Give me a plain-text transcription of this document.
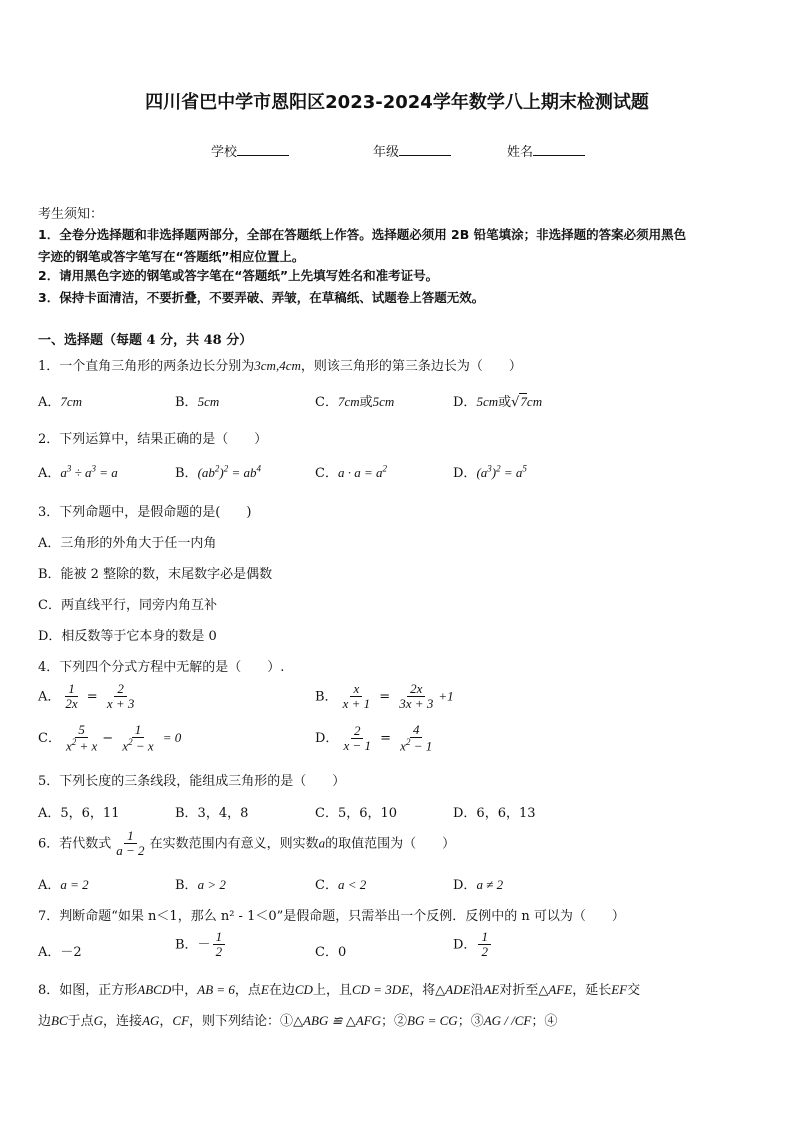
四川省巴中学市恩阳区2023-2024学年数学八上期末检测试题
学校	年级	姓名
考生须知：
1．全卷分选择题和非选择题两部分，全部在答题纸上作答。选择题必须用 2B 铅笔填涂；非选择题的答案必须用黑色
字迹的钢笔或答字笔写在“答题纸”相应位置上。
2．请用黑色字迹的钢笔或答字笔在“答题纸”上先填写姓名和准考证号。
3．保持卡面清洁，不要折叠，不要弄破、弄皱，在草稿纸、试题卷上答题无效。
一、选择题（每题 4 分，共 48 分）
1．一个直角三角形的两条边长分别为3cm,4cm，则该三角形的第三条边长为（　　）
A．7cm	B．5cm	C．7cm或5cm	D．5cm或√7cm
2．下列运算中，结果正确的是（　　）
A．$a^3 \div a^3 = a$	B．$(ab^2)^2 = ab^4$	C．$a \cdot a = a^2$	D．$(a^3)^2 = a^5$
3．下列命题中，是假命题的是(　　)
A．三角形的外角大于任一内角
B．能被 2 整除的数，末尾数字必是偶数
C．两直线平行，同旁内角互补
D．相反数等于它本身的数是 0
4．下列四个分式方程中无解的是（　　）.
A． $\frac{1}{2x} = \frac{2}{x + 3}$	B． $\frac{x}{x + 1} = \frac{2x}{3x + 3} +1$
C． $\frac{5}{x^2 + x} - \frac{1}{x^2 - x} = 0$	D． $\frac{2}{x - 1} = \frac{4}{x^2 - 1}$
5．下列长度的三条线段，能组成三角形的是（　　）
A．5，6，11	B．3，4，8	C．5，6，10	D．6，6，13
6．若代数式 $\frac{1}{a - 2}$ 在实数范围内有意义，则实数a的取值范围为（　　）
A．a = 2	B．a > 2	C．a < 2	D．a ≠ 2
7．判断命题“如果 n＜1，那么 n² - 1＜0”是假命题，只需举出一个反例．反例中的 n 可以为（　　）
A．－2
B．－ $\frac{1}{2}$	C．0
D． $\frac{1}{2}$
8．如图，正方形ABCD中，AB = 6，点E在边CD上，且CD = 3DE，将△ADE沿AE对折至△AFE，延长EF交
边BC于点G，连接AG，CF，则下列结论：①△ABG ≌ △AFG；②BG = CG；③AG / /CF；④
